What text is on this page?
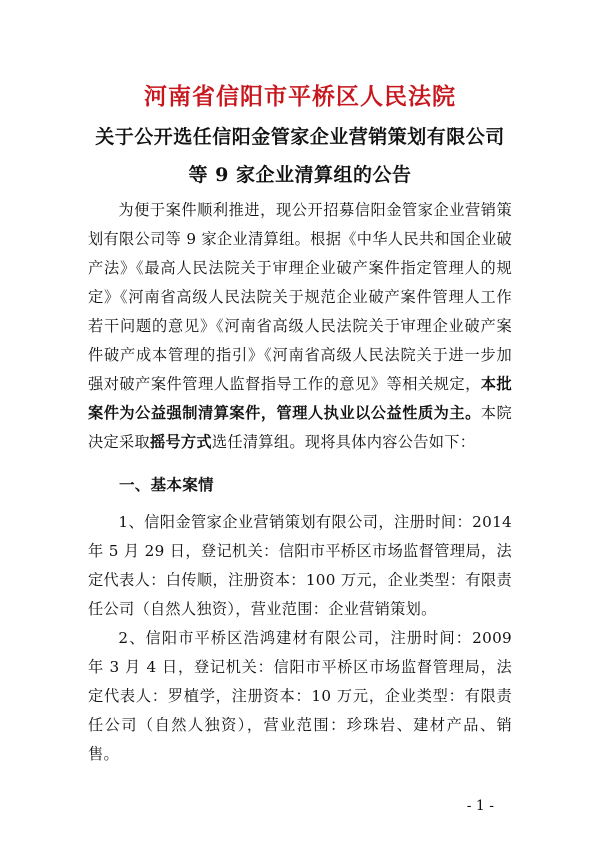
河南省信阳市平桥区人民法院
关于公开选任信阳金管家企业营销策划有限公司
等 9 家企业清算组的公告

为便于案件顺利推进，现公开招募信阳金管家企业营销策划有限公司等 9 家企业清算组。根据《中华人民共和国企业破产法》《最高人民法院关于审理企业破产案件指定管理人的规定》《河南省高级人民法院关于规范企业破产案件管理人工作若干问题的意见》《河南省高级人民法院关于审理企业破产案件破产成本管理的指引》《河南省高级人民法院关于进一步加强对破产案件管理人监督指导工作的意见》等相关规定，本批案件为公益强制清算案件，管理人执业以公益性质为主。本院决定采取摇号方式选任清算组。现将具体内容公告如下：

一、基本案情

1、信阳金管家企业营销策划有限公司，注册时间：2014 年 5 月 29 日，登记机关：信阳市平桥区市场监督管理局，法定代表人：白传顺，注册资本：100 万元，企业类型：有限责任公司（自然人独资），营业范围：企业营销策划。

2、信阳市平桥区浩鸿建材有限公司，注册时间：2009 年 3 月 4 日，登记机关：信阳市平桥区市场监督管理局，法定代表人：罗植学，注册资本：10 万元，企业类型：有限责任公司（自然人独资），营业范围：珍珠岩、建材产品、销售。

- 1 -
